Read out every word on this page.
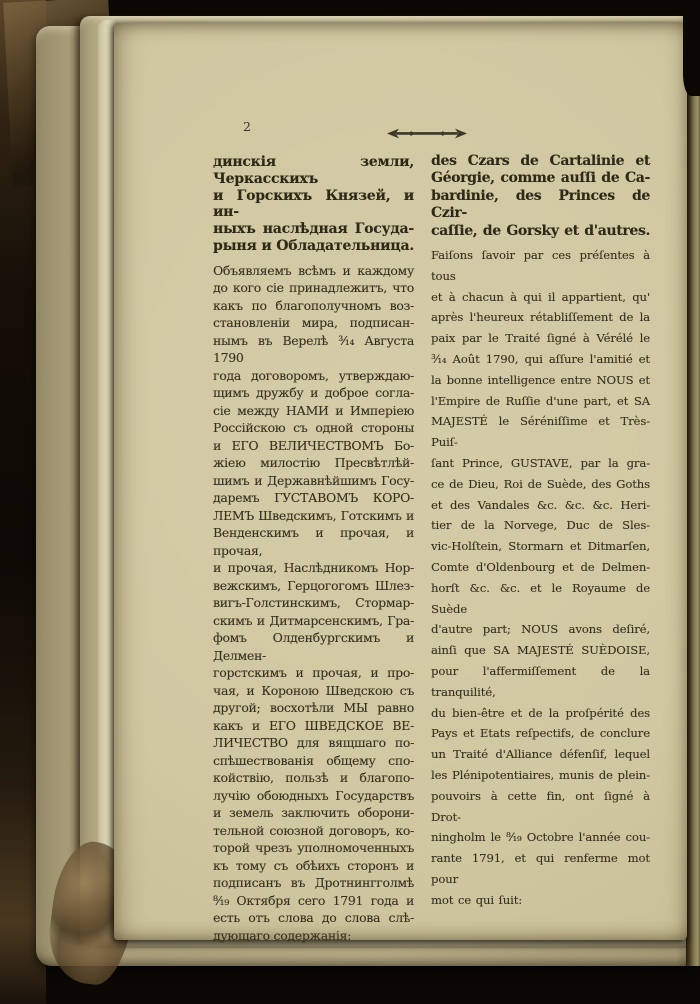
2
динскія земли, Черкасскихъ
и Горскихъ Князей, и ин-
ныхъ наслѣдная Госуда-
рыня и Обладательница.
Объявляемъ всѣмъ и каждому
до кого сіе принадлежитъ, что
какъ по благополучномъ воз-
становленіи мира, подписан-
нымъ въ Верелѣ ³⁄₁₄ Августа 1790
года договоромъ, утверждаю-
щимъ дружбу и доброе согла-
сіе между НАМИ и Имперіею
Россійскою съ одной стороны
и ЕГО ВЕЛИЧЕСТВОМЪ Бо-
жіею милостію Пресвѣтлѣй-
шимъ и Державнѣйшимъ Госу-
даремъ ГУСТАВОМЪ КОРО-
ЛЕМЪ Шведскимъ, Готскимъ и
Венденскимъ и прочая, и прочая,
и прочая, Наслѣдникомъ Нор-
вежскимъ, Герцогогомъ Шлез-
вигъ-Голстинскимъ, Стормар-
скимъ и Дитмарсенскимъ, Гра-
фомъ Олденбургскимъ и Делмен-
горстскимъ и прочая, и про-
чая, и Короною Шведскою съ
другой; восхотѣли МЫ равно
какъ и ЕГО ШВЕДСКОЕ ВЕ-
ЛИЧЕСТВО для вящшаго по-
спѣшествованія общему спо-
койствію, пользѣ и благопо-
лучію обоюдныхъ Государствъ
и земель заключить оборони-
тельной союзной договоръ, ко-
торой чрезъ уполномоченныхъ
къ тому съ обѣихъ сторонъ и
подписанъ въ Дротнингголмѣ
⁸⁄₁₉ Октября сего 1791 года и
есть отъ слова до слова слѣ-
дующаго содержанія:
des Czars de Cartalinie et
Géorgie, comme auſſi de Ca-
bardinie, des Princes de Czir-
caſſie, de Gorsky et d'autres.
Faiſons ſavoir par ces préſentes à tous
et à chacun à qui il appartient, qu'
après l'heureux rétabliſſement de la
paix par le Traité ſigné à Vérélé le
³⁄₁₄ Août 1790, qui aſſure l'amitié et
la bonne intelligence entre NOUS et
l'Empire de Ruſſie d'une part, et SA
MAJESTÉ le Séréniſſime et Très-Puiſ-
ſant Prince, GUSTAVE, par la gra-
ce de Dieu, Roi de Suède, des Goths
et des Vandales &c. &c. &c. Heri-
tier de la Norvege, Duc de Sles-
vic-Holſtein, Stormarn et Ditmarſen,
Comte d'Oldenbourg et de Delmen-
horſt &c. &c. et le Royaume de Suède
d'autre part; NOUS avons deſiré,
ainſi que SA MAJESTÉ SUÈDOISE,
pour l'affermiſſement de la tranquilité,
du bien-être et de la proſpérité des
Pays et Etats reſpectifs, de conclure
un Traité d'Alliance défenſif, lequel
les Plénipotentiaires, munis de plein-
pouvoirs à cette fin, ont ſigné à Drot-
ningholm le ⁸⁄₁₉ Octobre l'année cou-
rante 1791, et qui renferme mot pour
mot ce qui ſuit:
